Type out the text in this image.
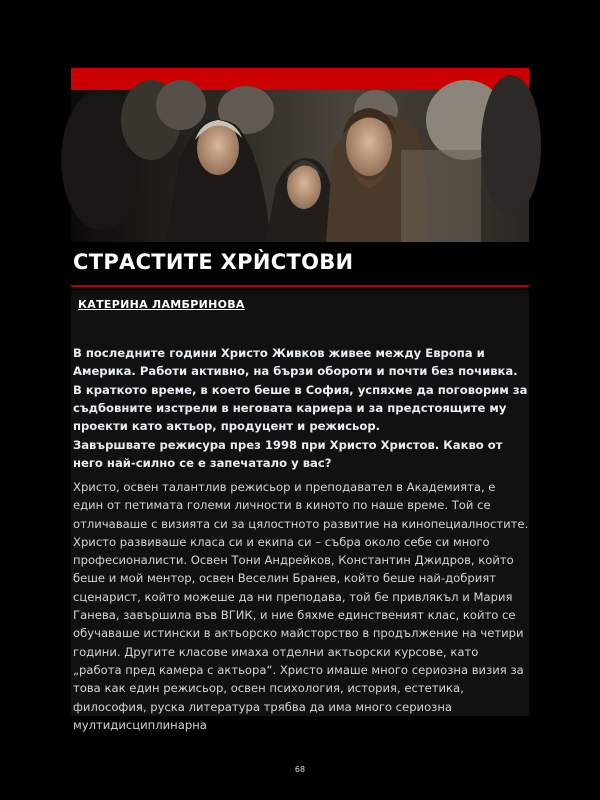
СТРАСТИТЕ ХРЍСТОВИ
КАТЕРИНА ЛАМБРИНОВА

В последните години Христо Живков живее между Европа и Америка. Работи активно, на бързи обороти и почти без почивка. В краткото време, в което беше в София, успяхме да поговорим за съдбовните изстрели в неговата кариера и за предстоящите му проекти като актьор, продуцент и режисьор.

Завършвате режисура през 1998 при Христо Христов. Какво от него най-силно се е запечатало у вас?

Христо, освен талантлив режисьор и преподавател в Академията, е един от петимата големи личности в киното по наше време. Той се отличаваше с визията си за цялостното развитие на кинопециалностите. Христо развиваше класа си и екипа си – събра около себе си много професионалисти. Освен Тони Андрейков, Константин Джидров, който беше и мой ментор, освен Веселин Бранев, който беше най-добрият сценарист, който можеше да ни преподава, той бе привлякъл и Мария Ганева, завършила във ВГИК, и ние бяхме единственият клас, който се обучаваше истински в актьорско майсторство в продължение на четири години. Другите класове имаха отделни актьорски курсове, като „работа пред камера с актьора“. Христо имаше много сериозна визия за това как един режисьор, освен психология, история, естетика, философия, руска литература трябва да има много сериозна мултидисциплинарна

68
